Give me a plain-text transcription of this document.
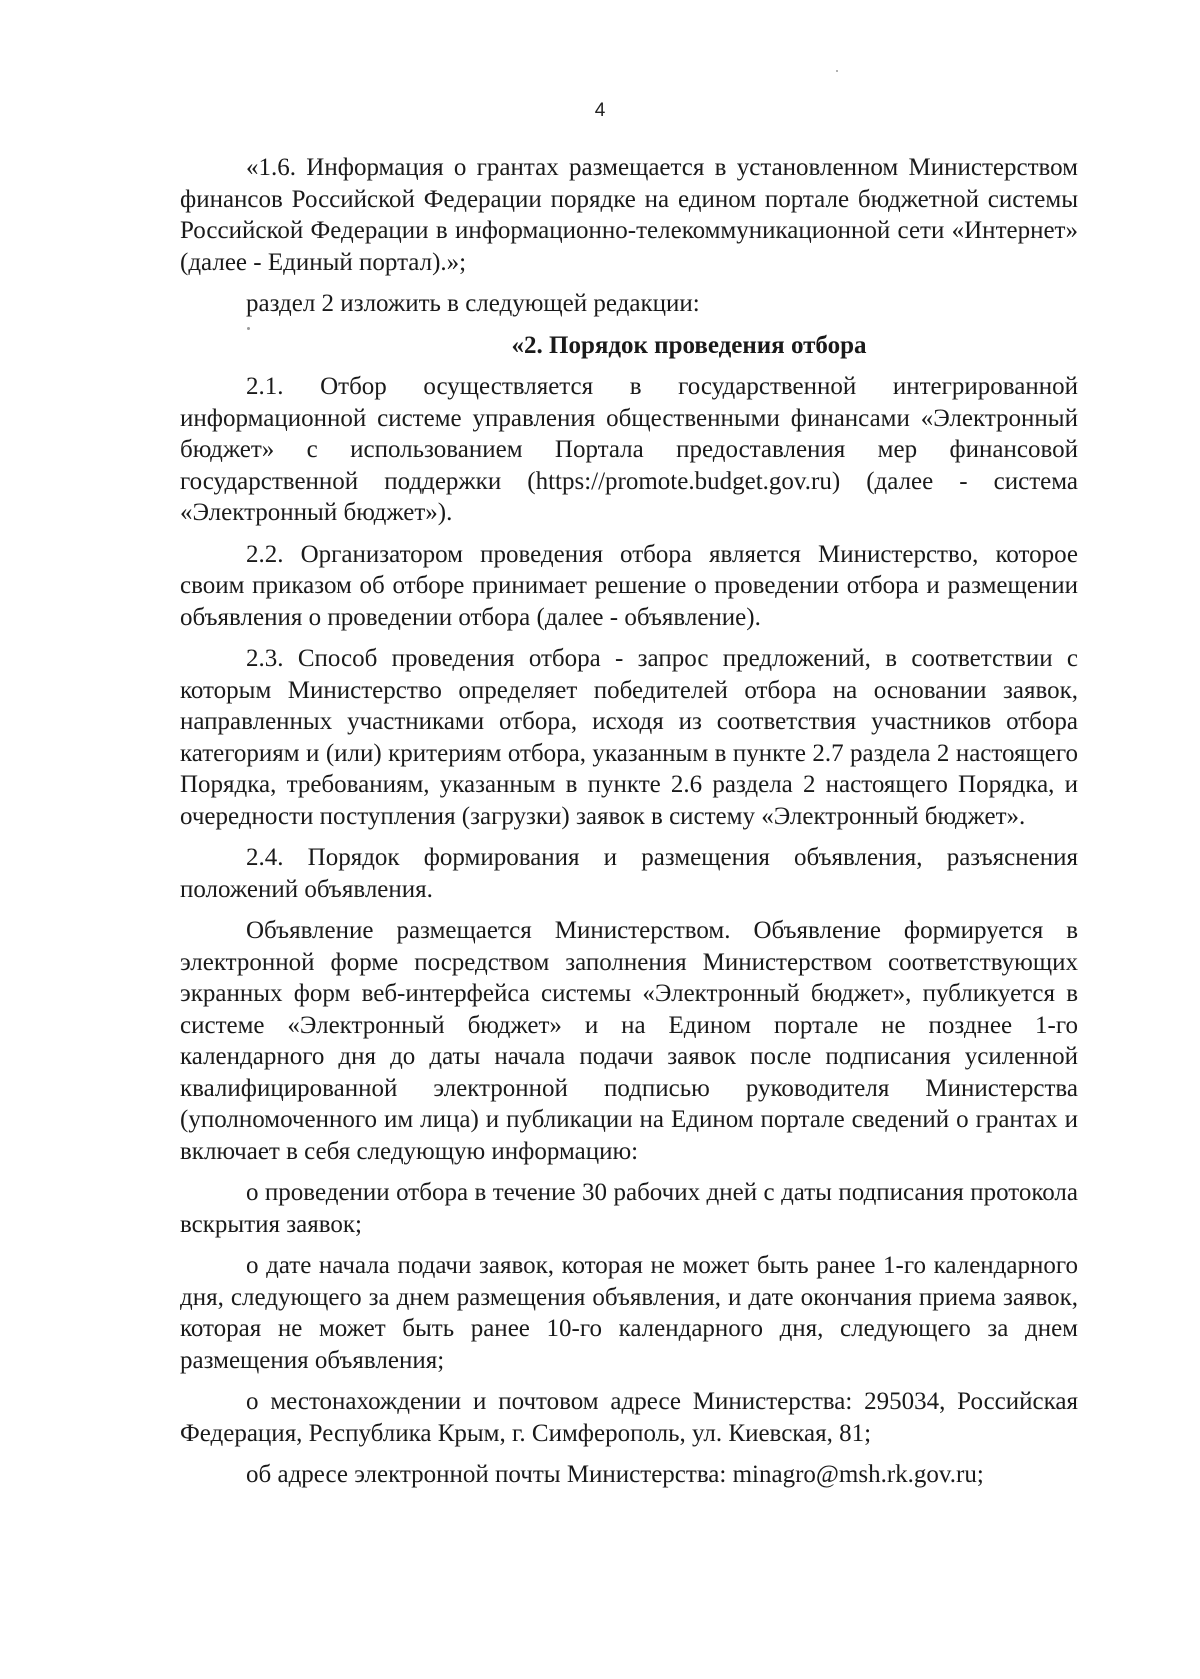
4

«1.6. Информация о грантах размещается в установленном Министерством финансов Российской Федерации порядке на едином портале бюджетной системы Российской Федерации в информационно-телекоммуникационной сети «Интернет» (далее - Единый портал).»;

раздел 2 изложить в следующей редакции:

«2. Порядок проведения отбора

2.1. Отбор осуществляется в государственной интегрированной информационной системе управления общественными финансами «Электронный бюджет» с использованием Портала предоставления мер финансовой государственной поддержки (https://promote.budget.gov.ru) (далее - система «Электронный бюджет»).

2.2. Организатором проведения отбора является Министерство, которое своим приказом об отборе принимает решение о проведении отбора и размещении объявления о проведении отбора (далее - объявление).

2.3. Способ проведения отбора - запрос предложений, в соответствии с которым Министерство определяет победителей отбора на основании заявок, направленных участниками отбора, исходя из соответствия участников отбора категориям и (или) критериям отбора, указанным в пункте 2.7 раздела 2 настоящего Порядка, требованиям, указанным в пункте 2.6 раздела 2 настоящего Порядка, и очередности поступления (загрузки) заявок в систему «Электронный бюджет».

2.4. Порядок формирования и размещения объявления, разъяснения положений объявления.

Объявление размещается Министерством. Объявление формируется в электронной форме посредством заполнения Министерством соответствующих экранных форм веб-интерфейса системы «Электронный бюджет», публикуется в системе «Электронный бюджет» и на Едином портале не позднее 1-го календарного дня до даты начала подачи заявок после подписания усиленной квалифицированной электронной подписью руководителя Министерства (уполномоченного им лица) и публикации на Едином портале сведений о грантах и включает в себя следующую информацию:

о проведении отбора в течение 30 рабочих дней с даты подписания протокола вскрытия заявок;

о дате начала подачи заявок, которая не может быть ранее 1-го календарного дня, следующего за днем размещения объявления, и дате окончания приема заявок, которая не может быть ранее 10-го календарного дня, следующего за днем размещения объявления;

о местонахождении и почтовом адресе Министерства: 295034, Российская Федерация, Республика Крым, г. Симферополь, ул. Киевская, 81;

об адресе электронной почты Министерства: minagro@msh.rk.gov.ru;
